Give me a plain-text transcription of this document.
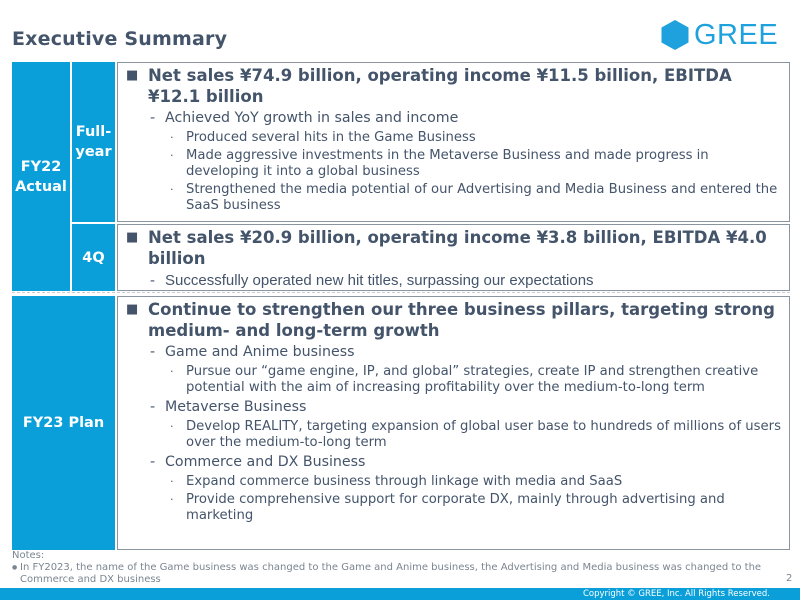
Executive Summary	GREE
FY22 Actual
Full-year
4Q
■ Net sales ¥74.9 billion, operating income ¥11.5 billion, EBITDA ¥12.1 billion
- Achieved YoY growth in sales and income
· Produced several hits in the Game Business
· Made aggressive investments in the Metaverse Business and made progress in developing it into a global business
· Strengthened the media potential of our Advertising and Media Business and entered the SaaS business
■ Net sales ¥20.9 billion, operating income ¥3.8 billion, EBITDA ¥4.0 billion
- Successfully operated new hit titles, surpassing our expectations
FY23 Plan
■ Continue to strengthen our three business pillars, targeting strong medium- and long-term growth
- Game and Anime business
· Pursue our “game engine, IP, and global” strategies, create IP and strengthen creative potential with the aim of increasing profitability over the medium-to-long term
- Metaverse Business
· Develop REALITY, targeting expansion of global user base to hundreds of millions of users over the medium-to-long term
- Commerce and DX Business
· Expand commerce business through linkage with media and SaaS
· Provide comprehensive support for corporate DX, mainly through advertising and marketing
Notes:
● In FY2023, the name of the Game business was changed to the Game and Anime business, the Advertising and Media business was changed to the Commerce and DX business	2
Copyright © GREE, Inc. All Rights Reserved.
